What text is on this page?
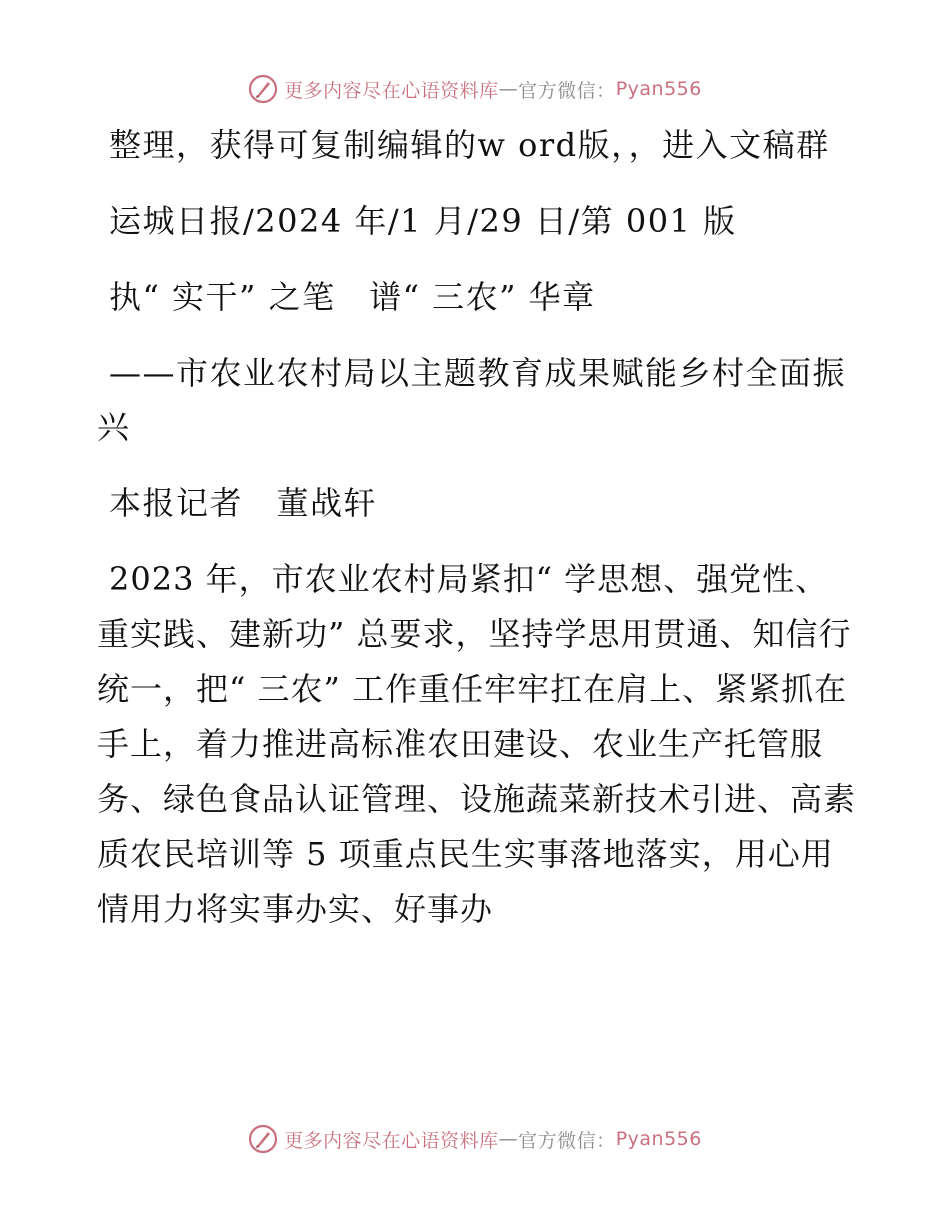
更多内容尽在心语资料库 — 官方微信： Pyan556

整理，获得可复制编辑的w ord版，，进入文稿群

运城日报/2024 年/1 月/29 日/第 001 版

执“ 实干” 之笔　谱“ 三农” 华章

——市农业农村局以主题教育成果赋能乡村全面振兴

本报记者　董战轩

2023 年，市农业农村局紧扣“ 学思想、强党性、重实践、建新功” 总要求，坚持学思用贯通、知信行统一，把“ 三农” 工作重任牢牢扛在肩上、紧紧抓在手上，着力推进高标准农田建设、农业生产托管服务、绿色食品认证管理、设施蔬菜新技术引进、高素质农民培训等 5 项重点民生实事落地落实，用心用情用力将实事办实、好事办

更多内容尽在心语资料库 — 官方微信： Pyan556
